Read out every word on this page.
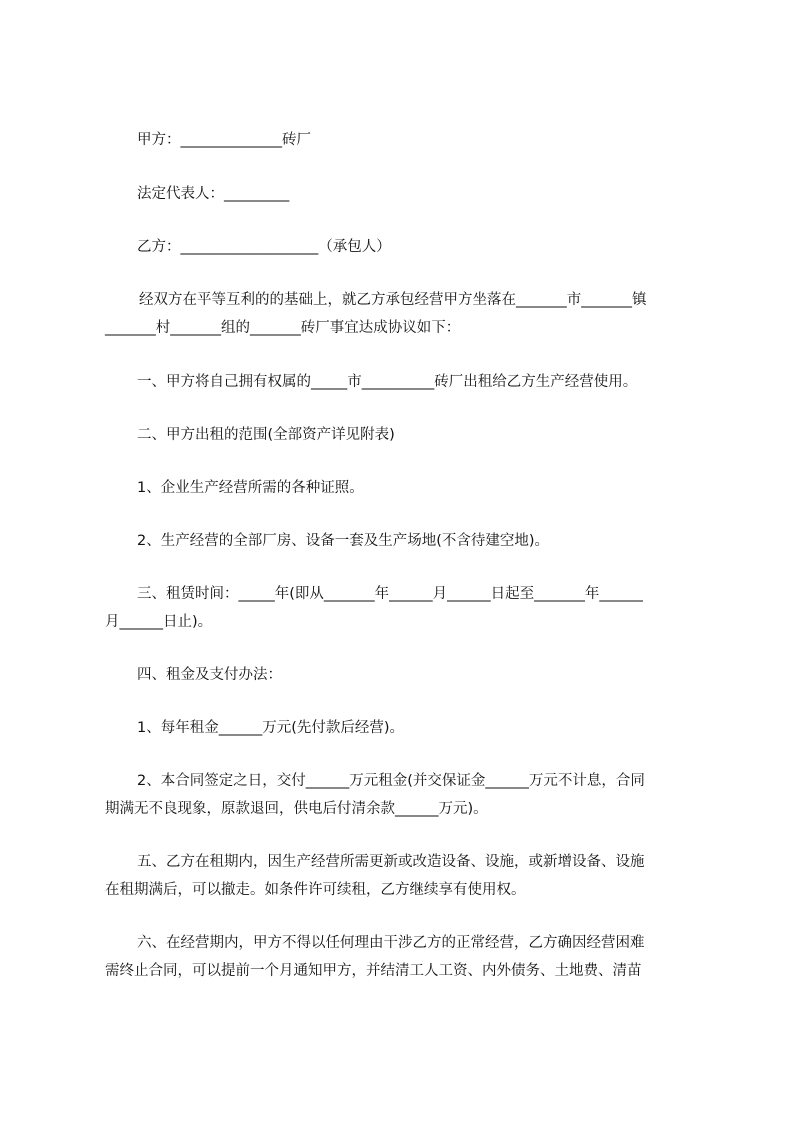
甲方：______________砖厂
法定代表人：_________
乙方：___________________（承包人）
经双方在平等互利的的基础上，就乙方承包经营甲方坐落在_______市_______镇
_______村_______组的_______砖厂事宜达成协议如下：
一、甲方将自己拥有权属的_____市__________砖厂出租给乙方生产经营使用。
二、甲方出租的范围(全部资产详见附表)
1、企业生产经营所需的各种证照。
2、生产经营的全部厂房、设备一套及生产场地(不含待建空地)。
三、租赁时间：_____年(即从_______年______月______日起至_______年______
月______日止)。
四、租金及支付办法：
1、每年租金______万元(先付款后经营)。
2、本合同签定之日，交付______万元租金(并交保证金______万元不计息，合同
期满无不良现象，原款退回，供电后付清余款______万元)。
五、乙方在租期内，因生产经营所需更新或改造设备、设施，或新增设备、设施
在租期满后，可以撤走。如条件许可续租，乙方继续享有使用权。
六、在经营期内，甲方不得以任何理由干涉乙方的正常经营，乙方确因经营困难
需终止合同，可以提前一个月通知甲方，并结清工人工资、内外债务、土地费、清苗
